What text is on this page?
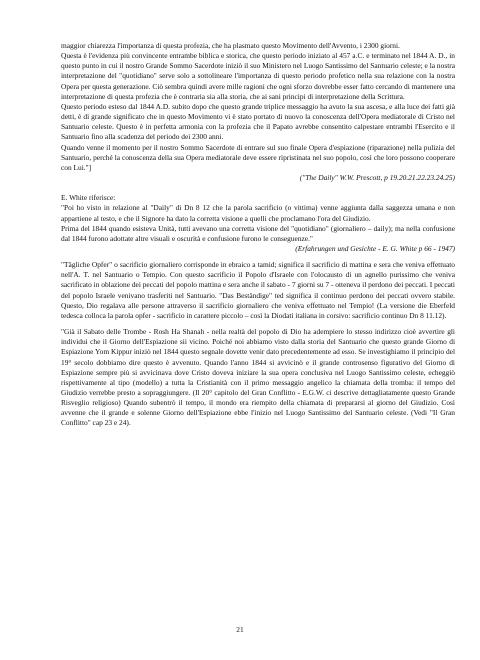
maggior chiarezza l'importanza di questa profezia, che ha plasmato questo Movimento dell'Avvento, i 2300 giorni.

Questa è l'evidenza più convincente entrambe biblica e storica, che questo periodo iniziato al 457 a.C. e terminato nel 1844 A. D., in questo punto in cui il nostro Grande Sommo Sacerdote iniziò il suo Ministero nel Luogo Santissimo del Santuario celeste; e la nostra interpretazione del "quotidiano" serve solo a sottolineare l'importanza di questo periodo profetico nella sua relazione con la nostra Opera per questa generazione. Ciò sembra quindi avere mille ragioni che ogni sforzo dovrebbe esser fatto cercando di mantenere una interpretazione di questa profezia che è contraria sia alla storia, che ai sani principi di interpretazione della Scrittura.

Questo periodo esteso dal 1844 A.D. subito dopo che questo grande triplice messaggio ha avuto la sua ascesa, e alla luce dei fatti già detti, è di grande significato che in questo Movimento vi è stato portato di nuovo la conoscenza dell'Opera mediatorale di Cristo nel Santuario celeste. Questo è in perfetta armonia con la profezia che il Papato avrebbe consentito calpestare entrambi l'Esercito e il Santuario fino alla scadenza del periodo dei 2300 anni.

Quando venne il momento per il nostro Sommo Sacerdote di entrare sul suo finale Opera d'espiazione (riparazione) nella pulizia del Santuario, perché la conoscenza della sua Opera mediatorale deve essere ripristinata nel suo popolo, così che loro possono cooperare con Lui."]

("The Daily" W.W. Prescott, p 19.20.21.22.23.24.25)

E. White riferisce:

"Poi ho visto in relazione al "Daily" di Dn 8 12 che la parola sacrificio (o vittima) venne aggiunta dalla saggezza umana e non appartiene al testo, e che il Signore ha dato la corretta visione a quelli che proclamano l'ora del Giudizio.

Prima del 1844 quando esisteva Unità, tutti avevano una corretta visione del "quotidiano" (giornaliero – daily); ma nella confusione dal 1844 furono adottate altre visuali e oscurità e confusione furono le conseguenze."

(Erfahrungen und Gesichte - E. G. White p 66 - 1947)

"Tägliche Opfer" o sacrificio giornaliero corrisponde in ebraico a tamid; significa il sacrificio di mattina e sera che veniva effettuato nell'A. T. nel Santuario o Tempio. Con questo sacrificio il Popolo d'Israele con l'olocausto di un agnello purissimo che veniva sacrificato in oblazione dei peccati del popolo mattina e sera anche il sabato - 7 giorni su 7 - otteneva il perdono dei peccati. I peccati del popolo Israele venivano trasferiti nel Santuario. "Das Beständige" ted significa il continuo perdono dei peccati ovvero stabile. Questo, Dio regalava alle persone attraverso il sacrificio giornaliero che veniva effettuato nel Tempio! (La versione die Eberfeld tedesca colloca la parola opfer - sacrificio in carattere piccolo – così la Diodati italiana in corsivo: sacrificio continuo Dn 8 11.12).

"Già il Sabato delle Trombe - Rosh Ha Shanah - nella realtà del popolo di Dio ha adempiere lo stesso indirizzo cioè avvertire gli individui che il Giorno dell'Espiazione sii vicino. Poiché noi abbiamo visto dalla storia del Santuario che questo grande Giorno di Espiazione Yom Kippur iniziò nel 1844 questo segnale dovette venir dato precedentemente ad esso. Se investighiamo il principio del 19° secolo dobbiamo dire questo è avvenuto. Quando l'anno 1844 si avvicinò e il grande controsenso figurativo del Giorno di Espiazione sempre più si avvicinava dove Cristo doveva iniziare la sua opera conclusiva nel Luogo Santissimo celeste, echeggiò rispettivamente al tipo (modello) a tutta la Cristianità con il primo messaggio angelico la chiamata della tromba: il tempo del Giudizio verrebbe presto a sopraggiungere. (Il 20° capitolo del Gran Conflitto - E.G.W. ci descrive dettagliatamente questo Grande Risveglio religioso) Quando subentrò il tempo, il mondo era riempito della chiamata di prepararsi al giorno del Giudizio. Così avvenne che il grande e solenne Giorno dell'Espiazione ebbe l'inizio nel Luogo Santissimo del Santuario celeste. (Vedi "Il Gran Conflitto" cap 23 e 24).

21
